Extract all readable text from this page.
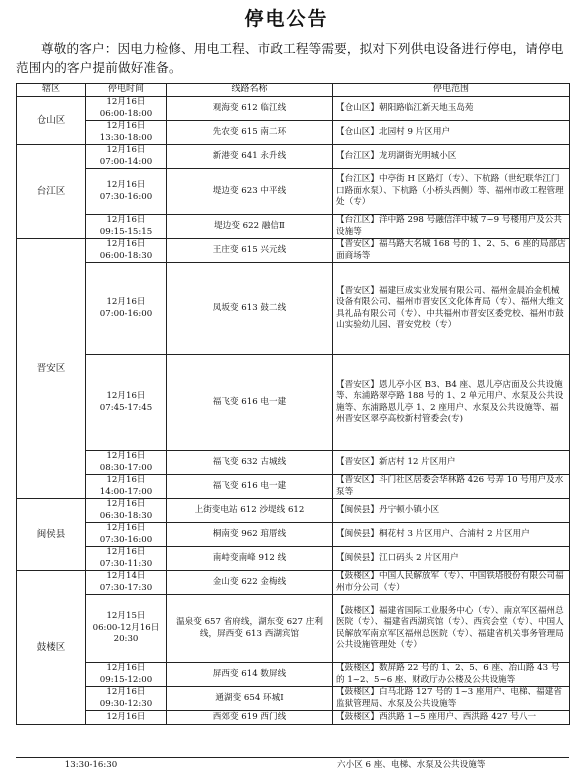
停电公告
尊敬的客户：因电力检修、用电工程、市政工程等需要，拟对下列供电设备进行停电，请停电范围内的客户提前做好准备。
辖区	停电时间	线路名称	停电范围
仓山区	12月16日
06:00-18:00	观海变 612 临江线	【仓山区】朝阳路临江新天地玉岛苑
	12月16日
13:30-18:00	先农变 615 南二环	【仓山区】北园村 9 片区用户
台江区	12月16日
07:00-14:00	新港变 641 永升线	【台江区】龙玥湖街光明城小区
	12月16日
07:30-16:00	堤边变 623 中平线	【台江区】中亭街 H 区路灯（专）、下杭路（世纪联华江门口路面水泵）、下杭路（小桥头西侧）等、福州市政工程管理处（专）
	12月16日
09:15-15:15	堤边变 622 融信Ⅱ	【台江区】洋中路 298 号融信洋中城 7~9 号楼用户及公共设施等
晋安区	12月16日
06:00-18:30	王庄变 615 兴元线	【晋安区】福马路大名城 168 号的 1、2、5、6 座的局部店面商场等
	12月16日
07:00-16:00	凤坂变 613 鼓二线	【晋安区】福建巨成实业发展有限公司、福州金晨冶金机械设备有限公司、福州市晋安区文化体育局（专）、福州大维文具礼品有限公司（专）、中共福州市晋安区委党校、福州市鼓山实验幼儿园、晋安党校（专）
	12月16日
07:45-17:45	福飞变 616 电一建	【晋安区】恩儿亭小区 B3、B4 座、恩儿亭店面及公共设施等、东浦路翠亭路 188 号的 1、2 单元用户、水泵及公共设施等、东浦路恩儿亭 1、2 座用户、水泵及公共设施等、福州晋安区翠亭高校新村管委会(专)
	12月16日
08:30-17:00	福飞变 632 古城线	【晋安区】新店村 12 片区用户
	12月16日
14:00-17:00	福飞变 616 电一建	【晋安区】斗门社区居委会华林路 426 号弄 10 号用户及水泵等
闽侯县	12月16日
06:30-18:30	上街变电站 612 沙堤线 612	【闽侯县】丹宁顿小镇小区
	12月16日
07:30-16:00	桐南变 962 琯厝线	【闽侯县】桐花村 3 片区用户、合浦村 2 片区用户
	12月16日
07:30-11:30	南峙变南峰 912 线	【闽侯县】江口码头 2 片区用户
鼓楼区	12月14日
07:30-17:30	金山变 622 金梅线	【鼓楼区】中国人民解放军（专）、中国铁塔股份有限公司福州市分公司（专）
	12月15日
06:00-12月16日
20:30	温泉变 657 省府线，湖东变 627 庄利线，屏西变 613 西湖宾馆	【鼓楼区】福建省国际工业服务中心（专）、南京军区福州总医院（专）、福建省西湖宾馆（专）、西宾会堂（专）、中国人民解放军南京军区福州总医院（专）、福建省机关事务管理局公共设施管理处（专）
	12月16日
09:15-12:00	屏西变 614 数屏线	【鼓楼区】数屏路 22 号的 1、2、5、6 座、冶山路 43 号的 1~2、5~6 座、财政厅办公楼及公共设施等
	12月16日
09:30-12:30	通湖变 654 环城Ⅰ	【鼓楼区】白马北路 127 号的 1~3 座用户、电梯、福建省监狱管理局、水泵及公共设施等
	12月16日	西郊变 619 西门线	【鼓楼区】西洪路 1~5 座用户、西洪路 427 号八一
13:30-16:30	六小区 6 座、电梯、水泵及公共设施等
